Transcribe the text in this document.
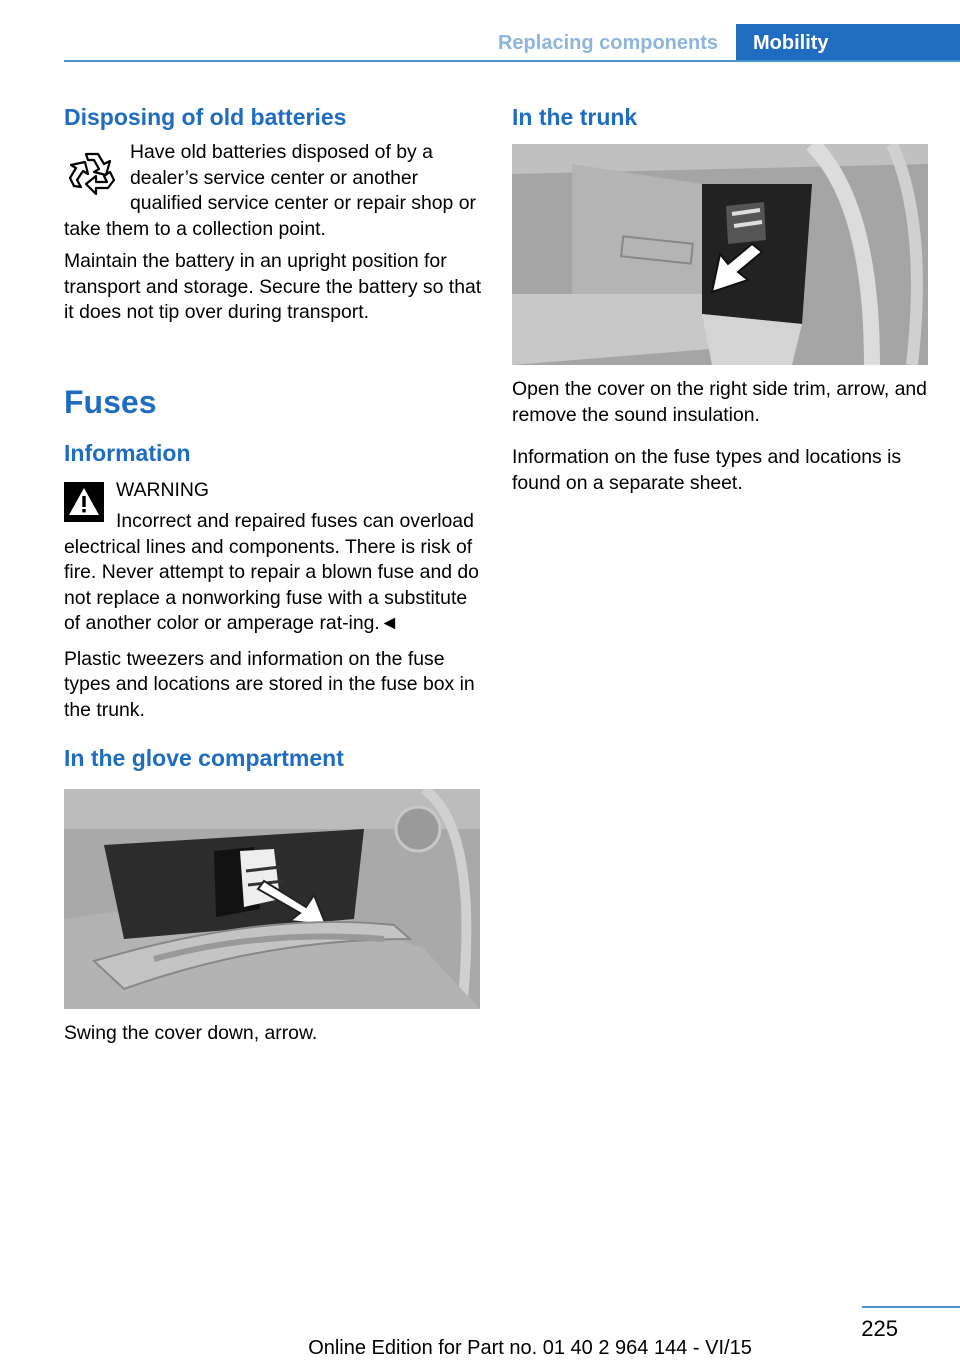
Replacing components	Mobility
Disposing of old batteries

Have old batteries disposed of by a dealer’s service center or another qualified service center or repair shop or take them to a collection point.

Maintain the battery in an upright position for transport and storage. Secure the battery so that it does not tip over during transport.

Fuses
Information

WARNING

Incorrect and repaired fuses can overload electrical lines and components. There is risk of fire. Never attempt to repair a blown fuse and do not replace a nonworking fuse with a substitute of another color or amperage rat‐ing.◄

Plastic tweezers and information on the fuse types and locations are stored in the fuse box in the trunk.

In the glove compartment

Swing the cover down, arrow.

In the trunk

Open the cover on the right side trim, arrow, and remove the sound insulation.

Information on the fuse types and locations is found on a separate sheet.

225
Online Edition for Part no. 01 40 2 964 144 - VI/15
